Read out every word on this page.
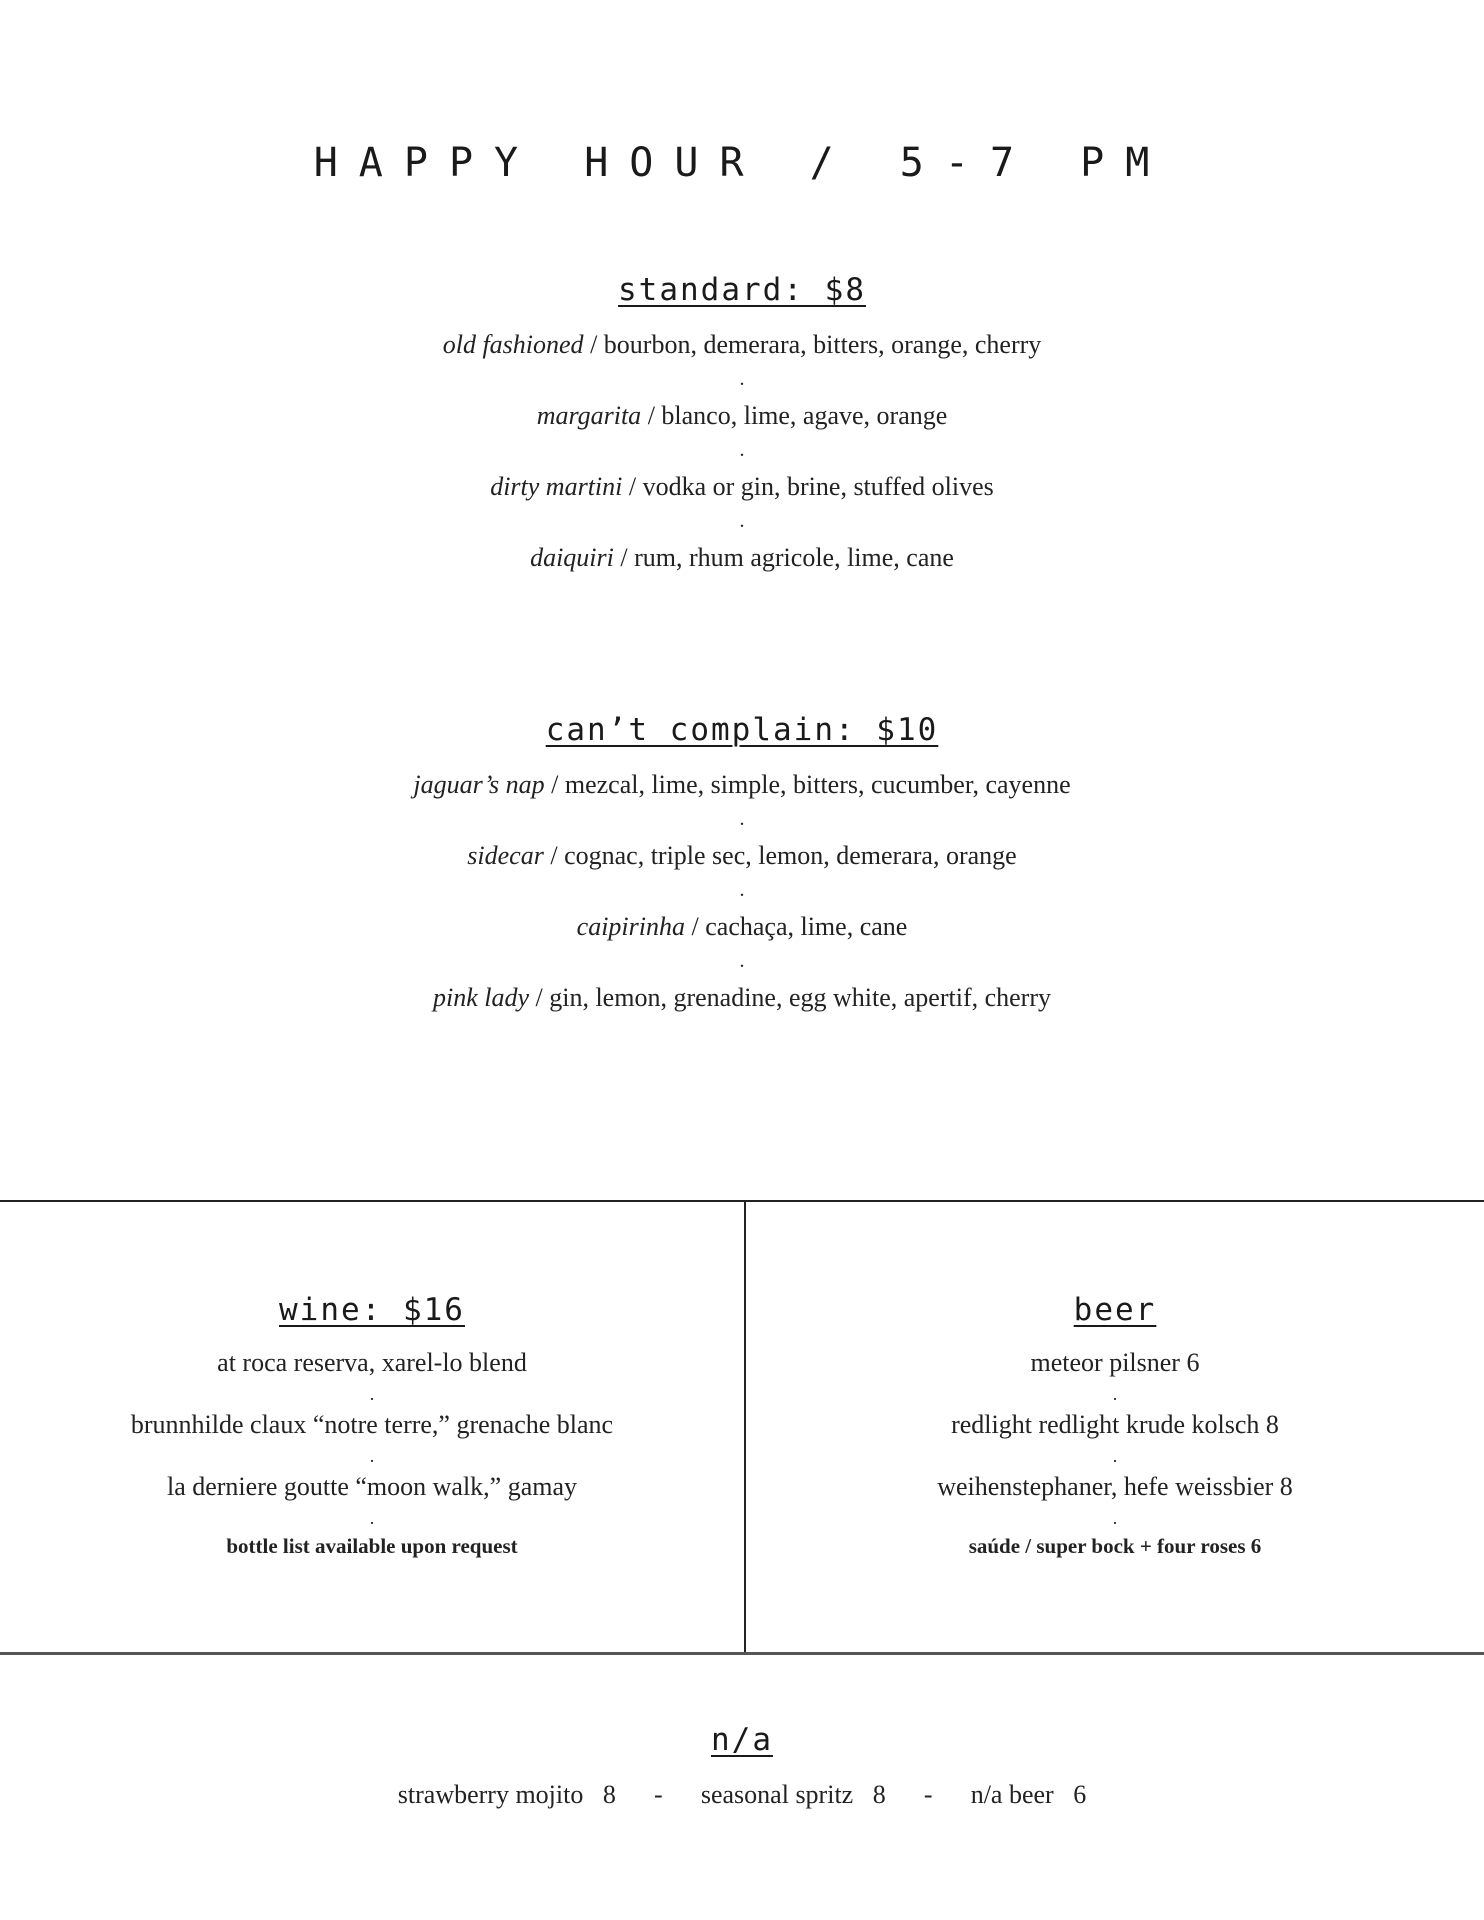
HAPPY HOUR / 5-7 PM
standard: $8
old fashioned / bourbon, demerara, bitters, orange, cherry
.
margarita / blanco, lime, agave, orange
.
dirty martini / vodka or gin, brine, stuffed olives
.
daiquiri / rum, rhum agricole, lime, cane
can’t complain: $10
jaguar’s nap / mezcal, lime, simple, bitters, cucumber, cayenne
.
sidecar / cognac, triple sec, lemon, demerara, orange
.
caipirinha / cachaça, lime, cane
.
pink lady / gin, lemon, grenadine, egg white, apertif, cherry
wine: $16
at roca reserva, xarel-lo blend
.
brunnhilde claux “notre terre,” grenache blanc
.
la derniere goutte “moon walk,” gamay
.
bottle list available upon request
beer
meteor pilsner 6
.
redlight redlight krude kolsch 8
.
weihenstephaner, hefe weissbier 8
.
saúde / super bock + four roses 6
n/a
strawberry mojito   8 - seasonal spritz   8 - n/a beer   6
